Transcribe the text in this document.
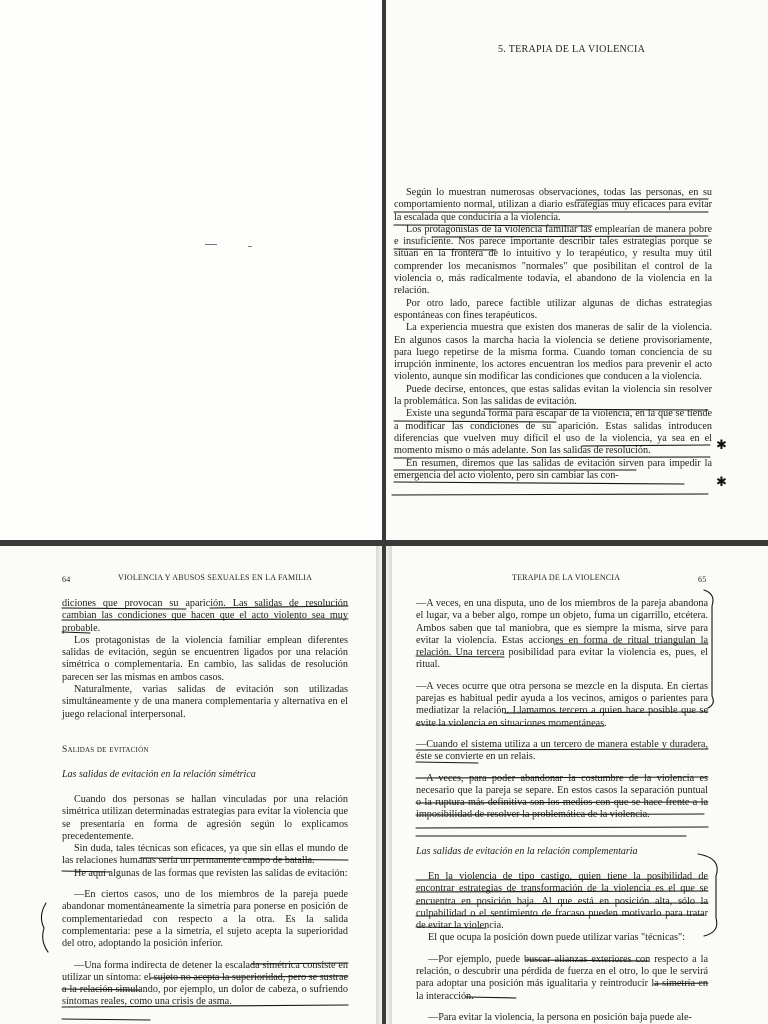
5. TERAPIA DE LA VIOLENCIA

Según lo muestran numerosas observaciones, todas las personas, en su comportamiento normal, utilizan a diario estrategias muy eficaces para evitar la escalada que conduciría a la violencia.

Los protagonistas de la violencia familiar las emplearían de manera pobre e insuficiente. Nos parece importante describir tales estrategias porque se sitúan en la frontera de lo intuitivo y lo terapéutico, y resulta muy útil comprender los mecanismos "normales" que posibilitan el control de la violencia o, más radicalmente todavía, el abandono de la violencia en la relación.

Por otro lado, parece factible utilizar algunas de dichas estrategias espontáneas con fines terapéuticos.

La experiencia muestra que existen dos maneras de salir de la violencia. En algunos casos la marcha hacia la violencia se detiene provisoriamente, para luego repetirse de la misma forma. Cuando toman conciencia de su irrupción inminente, los actores encuentran los medios para prevenir el acto violento, aunque sin modificar las condiciones que conducen a la violencia.

Puede decirse, entonces, que estas salidas evitan la violencia sin resolver la problemática. Son las salidas de evitación.

Existe una segunda forma para escapar de la violencia, en la que se tiende a modificar las condiciones de su aparición. Estas salidas introducen diferencias que vuelven muy difícil el uso de la violencia, ya sea en el momento mismo o más adelante. Son las salidas de resolución.

En resumen, diremos que las salidas de evitación sirven para impedir la emergencia del acto violento, pero sin cambiar las con-

✱
✱
64	VIOLENCIA Y ABUSOS SEXUALES EN LA FAMILIA

diciones que provocan su aparición. Las salidas de resolución cambian las condiciones que hacen que el acto violento sea muy probable.

Los protagonistas de la violencia familiar emplean diferentes salidas de evitación, según se encuentren ligados por una relación simétrica o complementaria. En cambio, las salidas de resolución parecen ser las mismas en ambos casos.

Naturalmente, varias salidas de evitación son utilizadas simultáneamente y de una manera complementaria y alternativa en el juego relacional interpersonal.

Salidas de evitación
Las salidas de evitación en la relación simétrica

Cuando dos personas se hallan vinculadas por una relación simétrica utilizan determinadas estrategias para evitar la violencia que se presentaría en forma de agresión según lo explicamos precedentemente.

Sin duda, tales técnicas son eficaces, ya que sin ellas el mundo de las relaciones humanas sería un permanente campo de batalla.

He aquí algunas de las formas que revisten las salidas de evitación:

—En ciertos casos, uno de los miembros de la pareja puede abandonar momentáneamente la simetría para ponerse en posición de complementariedad con respecto a la otra. Es la salida complementaria: pese a la simetría, el sujeto acepta la superioridad del otro, adoptando la posición inferior.

—Una forma indirecta de detener la escalada simétrica consiste en utilizar un síntoma: el sujeto no acepta la superioridad, pero se sustrae a la relación simulando, por ejemplo, un dolor de cabeza, o sufriendo síntomas reales, como una crisis de asma.

TERAPIA DE LA VIOLENCIA	65

—A veces, en una disputa, uno de los miembros de la pareja abandona el lugar, va a beber algo, rompe un objeto, fuma un cigarrillo, etcétera. Ambos saben que tal maniobra, que es siempre la misma, sirve para evitar la violencia. Estas acciones en forma de ritual triangulan la relación. Una tercera posibilidad para evitar la violencia es, pues, el ritual.

—A veces ocurre que otra persona se mezcle en la disputa. En ciertas parejas es habitual pedir ayuda a los vecinos, amigos o parientes para mediatizar la relación. Llamamos tercero a quien hace posible que se evite la violencia en situaciones momentáneas.

—Cuando el sistema utiliza a un tercero de manera estable y duradera, éste se convierte en un relais.

—A veces, para poder abandonar la costumbre de la violencia es necesario que la pareja se separe. En estos casos la separación puntual o la ruptura más definitiva son los medios con que se hace frente a la imposibilidad de resolver la problemática de la violencia.

Las salidas de evitación en la relación complementaria

En la violencia de tipo castigo, quien tiene la posibilidad de encontrar estrategias de transformación de la violencia es el que se encuentra en posición baja. Al que está en posición alta, sólo la culpabilidad o el sentimiento de fracaso pueden motivarlo para tratar de evitar la violencia.

El que ocupa la posición down puede utilizar varias "técnicas":

—Por ejemplo, puede buscar alianzas exteriores con respecto a la relación, o descubrir una pérdida de fuerza en el otro, lo que le servirá para adoptar una posición más igualitaria y reintroducir la simetría en la interacción.

—Para evitar la violencia, la persona en posición baja puede ale-
